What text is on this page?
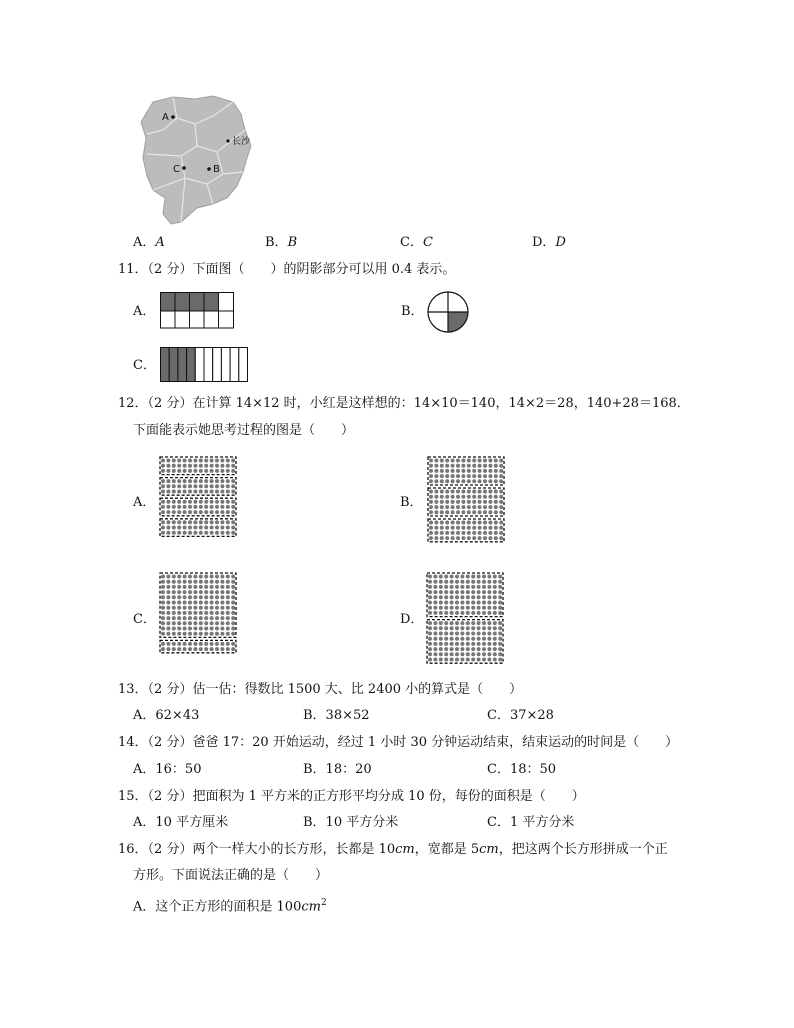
A
B
C
长沙
A．A	B．B	C．C	D．D
11．（2 分）下面图（　　）的阴影部分可以用 0.4 表示。
A．	B．
C．
12．（2 分）在计算 14×12 时，小红是这样想的：14×10＝140，14×2＝28，140+28＝168．
下面能表示她思考过程的图是（　　）
A．	B．
C．	D．
13．（2 分）估一估：得数比 1500 大、比 2400 小的算式是（　　）
A．62×43	B．38×52	C．37×28
14．（2 分）爸爸 17：20 开始运动，经过 1 小时 30 分钟运动结束，结束运动的时间是（　　）
A．16：50	B．18：20	C．18：50
15．（2 分）把面积为 1 平方米的正方形平均分成 10 份，每份的面积是（　　）
A．10 平方厘米	B．10 平方分米	C．1 平方分米
16．（2 分）两个一样大小的长方形，长都是 10cm，宽都是 5cm，把这两个长方形拼成一个正
方形。下面说法正确的是（　　）
A．这个正方形的面积是 $100cm^2$
